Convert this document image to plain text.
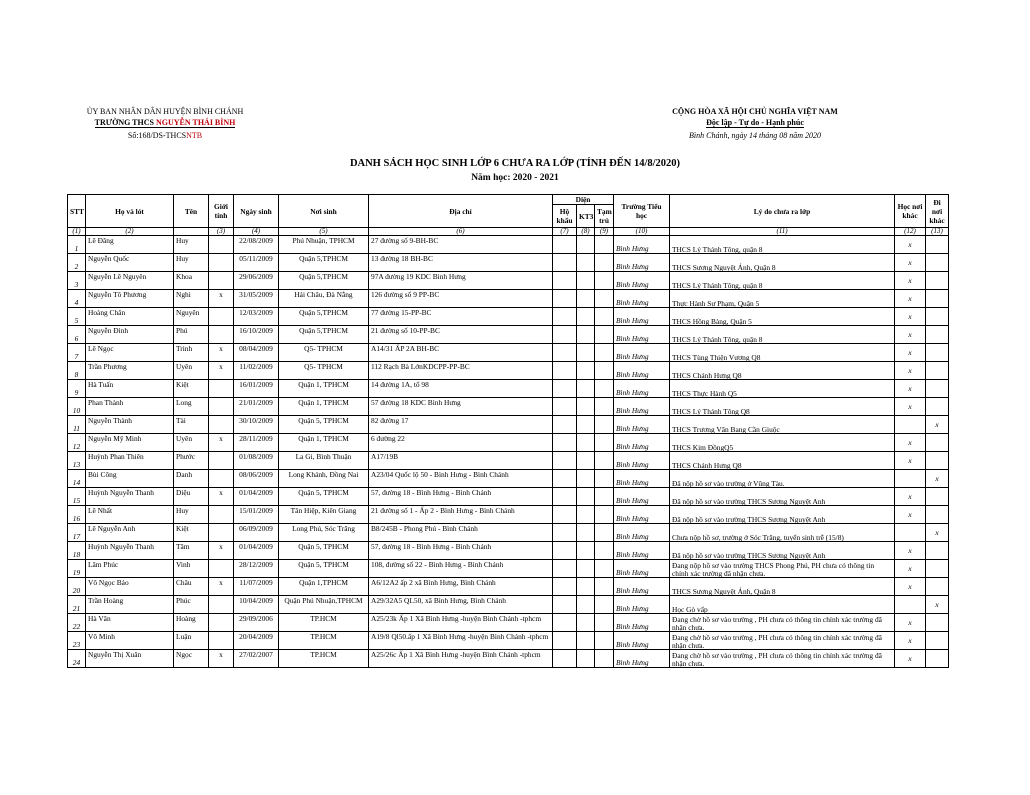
ỦY BAN NHÂN DÂN HUYỆN BÌNH CHÁNH
TRƯỜNG THCS NGUYỄN THÁI BÌNH
Số:168/DS-THCSNTB
CỘNG HÒA XÃ HỘI CHỦ NGHĨA VIỆT NAM
Độc lập - Tự do - Hạnh phúc
Bình Chánh, ngày 14 tháng 08 năm 2020
DANH SÁCH HỌC SINH LỚP 6 CHƯA RA LỚP (TÍNH ĐẾN 14/8/2020)
Năm học: 2020 - 2021
STT	Họ và lót	Tên	Giới tính	Ngày sinh	Nơi sinh	Địa chỉ	Diện			Trường Tiểu học	Lý do chưa ra lớp	Học nơi khác	Đi nơi khác
							Hộ khẩu	KT3	Tạm trú				
(1)	(2)		(3)	(4)	(5)	(6)	(7)	(8)	(9)	(10)	(11)	(12)	(13)
1	Lê Đăng	Huy		22/08/2009	Phú Nhuận, TPHCM	27 đường số 9-BH-BC				Bình Hưng	THCS Lý Thánh Tông, quận 8	x	
2	Nguyễn Quốc	Huy		05/11/2009	Quận 5,TPHCM	13 đường 18 BH-BC				Bình Hưng	THCS Sương Nguyệt Ánh, Quận 8	x	
3	Nguyễn Lê Nguyên	Khoa		29/06/2009	Quận 5,TPHCM	97A đường 19 KDC Bình Hưng				Bình Hưng	THCS Lý Thánh Tông, quận 8	x	
4	Nguyễn Tô Phương	Nghi	x	31/05/2009	Hải Châu, Đà Nẵng	126 đường số 9 PP-BC				Bình Hưng	Thực Hành Sư Phạm, Quận 5	x	
5	Hoàng Chân	Nguyên		12/03/2009	Quận 5,TPHCM	77 đường 15-PP-BC				Bình Hưng	THCS Hồng Bàng, Quận 5	x	
6	Nguyễn Đình	Phú		16/10/2009	Quận 5,TPHCM	21 đường số 10-PP-BC				Bình Hưng	THCS Lý Thánh Tông, quận 8	x	
7	Lê Ngọc	Trinh	x	08/04/2009	Q5- TPHCM	A14/31 ẤP 2A BH-BC				Bình Hưng	THCS Tùng Thiện Vương Q8	x	
8	Trần Phương	Uyên	x	11/02/2009	Q5- TPHCM	112 Rạch Bà LớnKDCPP-PP-BC				Bình Hưng	THCS Chánh Hưng Q8	x	
9	Hà Tuấn	Kiệt		16/01/2009	Quận 1, TPHCM	14 đường 1A, tổ 98				Bình Hưng	THCS Thực Hành Q5	x	
10	Phan Thành	Long		21/01/2009	Quận 1, TPHCM	57 đường 18 KDC Bình Hưng				Bình Hưng	THCS Lý Thánh Tông Q8	x	
11	Nguyễn Thành	Tài		30/10/2009	Quận 5, TPHCM	82 đường 17				Bình Hưng	THCS Trương Văn Bang Cần Giuộc		x
12	Nguyễn Mỹ Minh	Uyên	x	28/11/2009	Quận 1, TPHCM	6 đường 22				Bình Hưng	THCS Kim ĐồngQ5	x	
13	Huỳnh Phan Thiên	Phước		01/08/2009	La Gi, Bình Thuận	A17/19B				Bình Hưng	THCS Chánh Hưng Q8	x	
14	Bùi Công	Danh		08/06/2009	Long Khánh, Đồng Nai	A23/04 Quốc lộ 50 - Bình Hưng - Bình Chánh				Bình Hưng	Đã nộp hồ sơ vào trường ở Vũng Tàu.		x
15	Huỳnh Nguyễn Thanh	Diệu	x	01/04/2009	Quận 5, TPHCM	57, đường 18 - Bình Hưng - Bình Chánh				Bình Hưng	Đã nộp hồ sơ vào trường THCS Sương Nguyệt Anh	x	
16	Lê Nhất	Huy		15/01/2009	Tân Hiệp, Kiên Giang	21 đường số 1 - Ấp 2 - Bình Hưng - Bình Chánh				Bình Hưng	Đã nộp hồ sơ vào trường THCS Sương Nguyệt Anh	x	
17	Lê Nguyễn Anh	Kiệt		06/09/2009	Long Phú, Sóc Trăng	B8/245B - Phong Phú - Bình Chánh				Bình Hưng	Chưa nộp hồ sơ, trường ở Sóc Trăng, tuyển sinh trễ (15/8)		x
18	Huỳnh Nguyễn Thanh	Tâm	x	01/04/2009	Quận 5, TPHCM	57, đường 18 - Bình Hưng - Bình Chánh				Bình Hưng	Đã nộp hồ sơ vào trường THCS Sương Nguyệt Anh	x	
19	Lâm Phúc	Vinh		28/12/2009	Quận 5, TPHCM	108, đường số 22 - Bình Hưng - Bình Chánh				Bình Hưng	Đang nộp hồ sơ vào trường THCS Phong Phú, PH chưa có thông tin chính xác trường đã nhận chưa.	x	
20	Võ Ngọc Bảo	Châu	x	11/07/2009	Quận 1,TPHCM	A6/12A2 ấp 2 xã Bình Hưng, Bình Chánh				Bình Hưng	THCS Sương Nguyệt Ánh, Quận 8	x	
21	Trần Hoàng	Phúc		10/04/2009	Quận Phú Nhuận,TPHCM	A29/32A5 QL50, xã Bình Hưng, Bình Chánh				Bình Hưng	Học Gò vấp		x
22	Hà Văn	Hoàng		29/09/2006	TP.HCM	A25/23k Ấp 1 Xã Bình Hưng -huyện Bình Chánh -tphcm				Bình Hưng	Đang chờ hồ sơ vào trường , PH chưa có thông tin chính xác trường đã nhận chưa.	x	
23	Võ Minh	Luận		20/04/2009	TP.HCM	A19/8 Ql50.ấp 1 Xã Bình Hưng -huyện Bình Chánh -tphcm				Bình Hưng	Đang chờ hồ sơ vào trường , PH chưa có thông tin chính xác trường đã nhận chưa.	x	
24	Nguyễn Thị Xuân	Ngọc	x	27/02/2007	TP.HCM	A25/26c Ấp 1 Xã Bình Hưng -huyện Bình Chánh -tphcm				Bình Hưng	Đang chờ hồ sơ vào trường , PH chưa có thông tin chính xác trường đã nhận chưa.	x	
